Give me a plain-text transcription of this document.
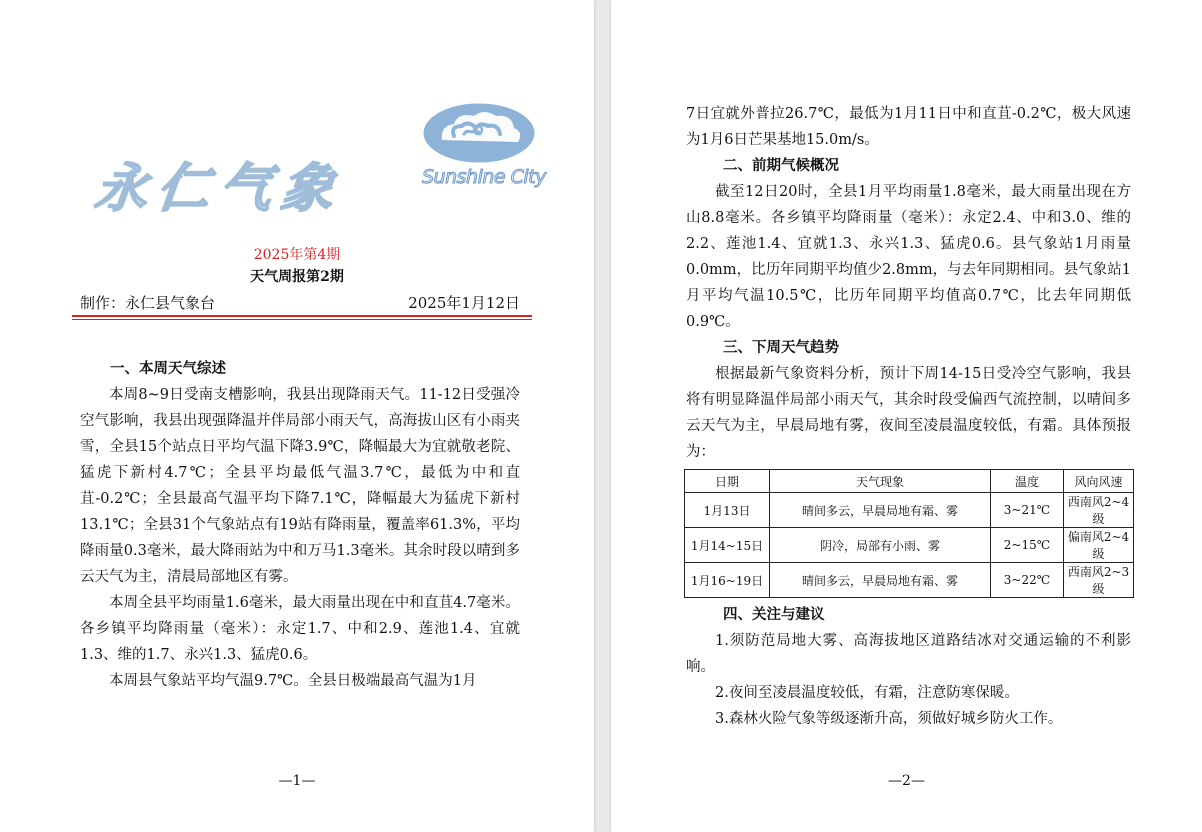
永仁气象	Sunshine City
2025年第4期
天气周报第2期
制作：永仁县气象台	2025年1月12日
一、本周天气综述

本周8~9日受南支槽影响，我县出现降雨天气。11-12日受强冷空气影响，我县出现强降温并伴局部小雨天气，高海拔山区有小雨夹雪，全县15个站点日平均气温下降3.9℃，降幅最大为宜就敬老院、猛虎下新村4.7℃；全县平均最低气温3.7℃，最低为中和直苴-0.2℃；全县最高气温平均下降7.1℃，降幅最大为猛虎下新村13.1℃；全县31个气象站点有19站有降雨量，覆盖率61.3%，平均降雨量0.3毫米，最大降雨站为中和万马1.3毫米。其余时段以晴到多云天气为主，清晨局部地区有雾。

本周全县平均雨量1.6毫米，最大雨量出现在中和直苴4.7毫米。各乡镇平均降雨量（毫米）：永定1.7、中和2.9、莲池1.4、宜就1.3、维的1.7、永兴1.3、猛虎0.6。

本周县气象站平均气温9.7℃。全县日极端最高气温为1月

—1—

7日宜就外普拉26.7℃，最低为1月11日中和直苴-0.2℃，极大风速为1月6日芒果基地15.0m/s。

二、前期气候概况

截至12日20时，全县1月平均雨量1.8毫米，最大雨量出现在方山8.8毫米。各乡镇平均降雨量（毫米）：永定2.4、中和3.0、维的2.2、莲池1.4、宜就1.3、永兴1.3、猛虎0.6。县气象站1月雨量0.0mm，比历年同期平均值少2.8mm，与去年同期相同。县气象站1月平均气温10.5℃，比历年同期平均值高0.7℃，比去年同期低0.9℃。

三、下周天气趋势

根据最新气象资料分析，预计下周14-15日受冷空气影响，我县将有明显降温伴局部小雨天气，其余时段受偏西气流控制，以晴间多云天气为主，早晨局地有雾，夜间至凌晨温度较低，有霜。具体预报为：

日期	天气现象	温度	风向风速
1月13日	晴间多云，早晨局地有霜、雾	3~21℃	西南风2~4级
1月14~15日	阴冷，局部有小雨、雾	2~15℃	偏南风2~4级
1月16~19日	晴间多云，早晨局地有霜、雾	3~22℃	西南风2~3级
四、关注与建议
1.须防范局地大雾、高海拔地区道路结冰对交通运输的不利影响。
2.夜间至凌晨温度较低，有霜，注意防寒保暖。
3.森林火险气象等级逐渐升高，须做好城乡防火工作。
—2—
